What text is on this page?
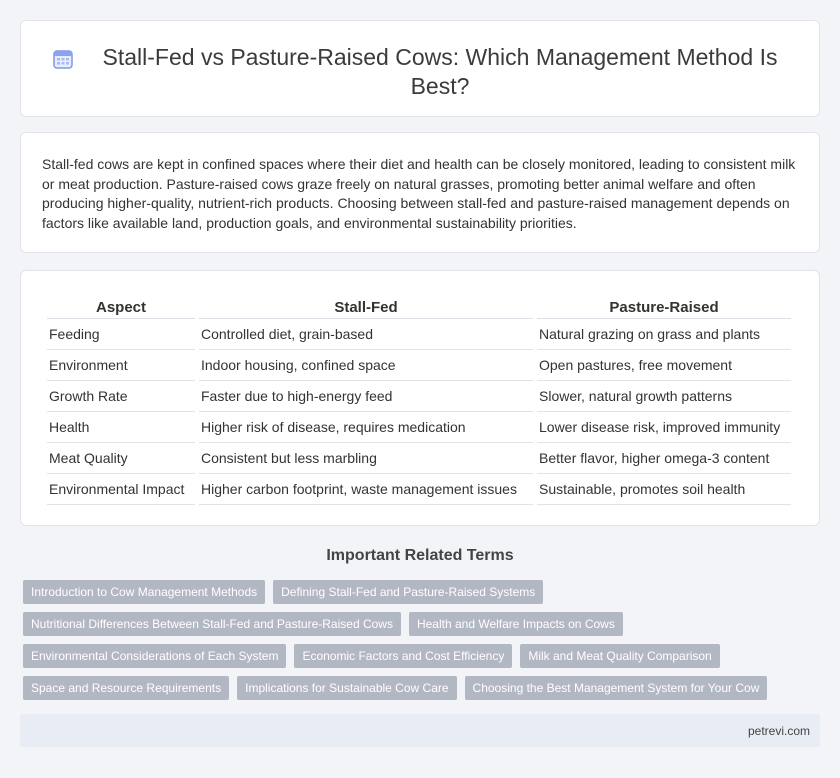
Stall-Fed vs Pasture-Raised Cows: Which Management Method Is Best?

Stall-fed cows are kept in confined spaces where their diet and health can be closely monitored, leading to consistent milk or meat production. Pasture-raised cows graze freely on natural grasses, promoting better animal welfare and often producing higher-quality, nutrient-rich products. Choosing between stall-fed and pasture-raised management depends on factors like available land, production goals, and environmental sustainability priorities.

Aspect	Stall-Fed	Pasture-Raised
Feeding	Controlled diet, grain-based	Natural grazing on grass and plants
Environment	Indoor housing, confined space	Open pastures, free movement
Growth Rate	Faster due to high-energy feed	Slower, natural growth patterns
Health	Higher risk of disease, requires medication	Lower disease risk, improved immunity
Meat Quality	Consistent but less marbling	Better flavor, higher omega-3 content
Environmental Impact	Higher carbon footprint, waste management issues	Sustainable, promotes soil health
Important Related Terms
Introduction to Cow Management Methods	Defining Stall-Fed and Pasture-Raised Systems
Nutritional Differences Between Stall-Fed and Pasture-Raised Cows	Health and Welfare Impacts on Cows
Environmental Considerations of Each System	Economic Factors and Cost Efficiency	Milk and Meat Quality Comparison
Space and Resource Requirements	Implications for Sustainable Cow Care	Choosing the Best Management System for Your Cow
petrevi.com
